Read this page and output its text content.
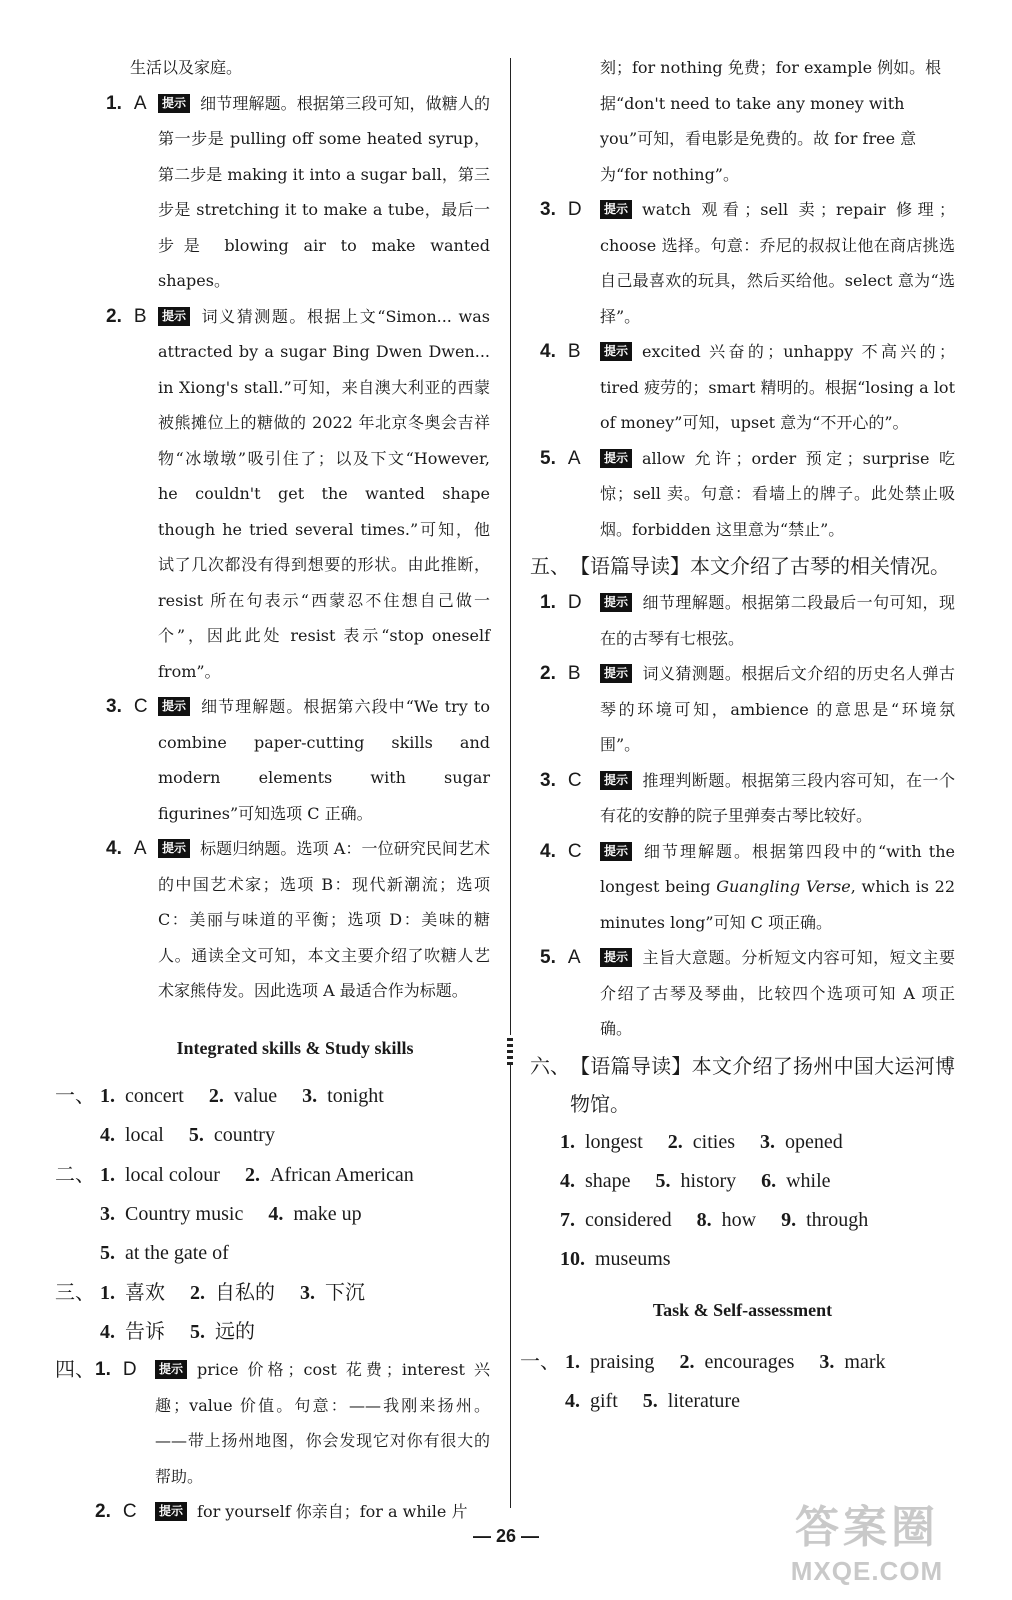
生活以及家庭。
1. A	提示 细节理解题。根据第三段可知，做糖人的第一步是 pulling off some heated syrup，第二步是 making it into a sugar ball，第三步是 stretching it to make a tube，最后一步是 blowing air to make wanted shapes。
2. B	提示 词义猜测题。根据上文“Simon... was attracted by a sugar Bing Dwen Dwen... in Xiong's stall.”可知，来自澳大利亚的西蒙被熊摊位上的糖做的 2022 年北京冬奥会吉祥物“冰墩墩”吸引住了；以及下文“However, he couldn't get the wanted shape though he tried several times.”可知，他试了几次都没有得到想要的形状。由此推断，resist 所在句表示“西蒙忍不住想自己做一个”，因此此处 resist 表示“stop oneself from”。
3. C	提示 细节理解题。根据第六段中“We try to combine paper-cutting skills and modern elements with sugar figurines”可知选项 C 正确。
4. A	提示 标题归纳题。选项 A：一位研究民间艺术的中国艺术家；选项 B：现代新潮流；选项 C：美丽与味道的平衡；选项 D：美味的糖人。通读全文可知，本文主要介绍了吹糖人艺术家熊侍发。因此选项 A 最适合作为标题。
Integrated skills & Study skills
一、 1. concert 2. value 3. tonight
4. local 5. country
二、 1. local colour 2. African American
3. Country music 4. make up
5. at the gate of
三、 1. 喜欢 2. 自私的 3. 下沉
4. 告诉 5. 远的
四、 1. D	提示 price 价格；cost 花费；interest 兴趣；value 价值。句意：——我刚来扬州。——带上扬州地图，你会发现它对你有很大的帮助。
2. C	提示 for yourself 你亲自；for a while 片
刻；for nothing 免费；for example 例如。根据“don't need to take any money with you”可知，看电影是免费的。故 for free 意为“for nothing”。
3. D	提示 watch 观看；sell 卖；repair 修理；choose 选择。句意：乔尼的叔叔让他在商店挑选自己最喜欢的玩具，然后买给他。select 意为“选择”。
4. B	提示 excited 兴奋的；unhappy 不高兴的；tired 疲劳的；smart 精明的。根据“losing a lot of money”可知，upset 意为“不开心的”。
5. A	提示 allow 允许；order 预定；surprise 吃惊；sell 卖。句意：看墙上的牌子。此处禁止吸烟。forbidden 这里意为“禁止”。
五、 【语篇导读】本文介绍了古琴的相关情况。
1. D	提示 细节理解题。根据第二段最后一句可知，现在的古琴有七根弦。
2. B	提示 词义猜测题。根据后文介绍的历史名人弹古琴的环境可知，ambience 的意思是“环境氛围”。
3. C	提示 推理判断题。根据第三段内容可知，在一个有花的安静的院子里弹奏古琴比较好。
4. C	提示 细节理解题。根据第四段中的“with the longest being Guangling Verse, which is 22 minutes long”可知 C 项正确。
5. A	提示 主旨大意题。分析短文内容可知，短文主要介绍了古琴及琴曲，比较四个选项可知 A 项正确。
六、 【语篇导读】本文介绍了扬州中国大运河博物馆。
1. longest 2. cities 3. opened
4. shape 5. history 6. while
7. considered 8. how 9. through
10. museums
Task & Self-assessment
一、 1. praising 2. encourages 3. mark
4. gift 5. literature
— 26 —	答案圈
MXQE.COM
